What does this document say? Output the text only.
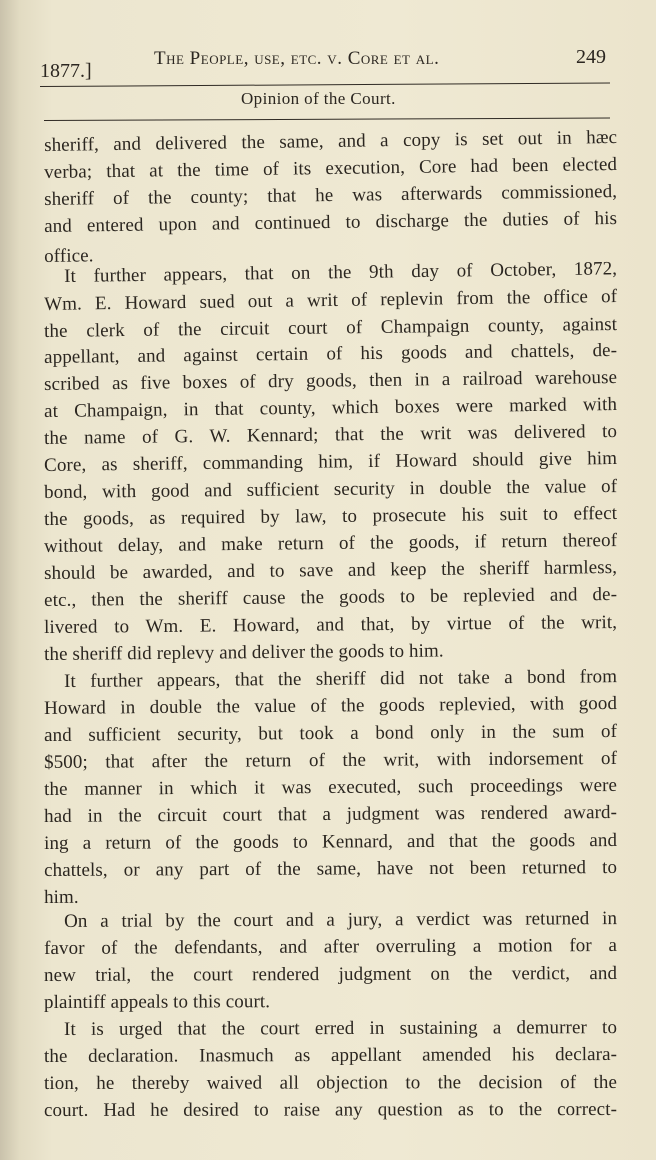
1877.]
The People, use, etc. v. Core et al.	249
Opinion of the Court.
sheriff, and delivered the same, and a copy is set out in hæc
verba; that at the time of its execution, Core had been elected
sheriff of the county; that he was afterwards commissioned,
and entered upon and continued to discharge the duties of his
office.
It further appears, that on the 9th day of October, 1872,
Wm. E. Howard sued out a writ of replevin from the office of
the clerk of the circuit court of Champaign county, against
appellant, and against certain of his goods and chattels, de-
scribed as five boxes of dry goods, then in a railroad warehouse
at Champaign, in that county, which boxes were marked with
the name of G. W. Kennard; that the writ was delivered to
Core, as sheriff, commanding him, if Howard should give him
bond, with good and sufficient security in double the value of
the goods, as required by law, to prosecute his suit to effect
without delay, and make return of the goods, if return thereof
should be awarded, and to save and keep the sheriff harmless,
etc., then the sheriff cause the goods to be replevied and de-
livered to Wm. E. Howard, and that, by virtue of the writ,
the sheriff did replevy and deliver the goods to him.
It further appears, that the sheriff did not take a bond from
Howard in double the value of the goods replevied, with good
and sufficient security, but took a bond only in the sum of
$500; that after the return of the writ, with indorsement of
the manner in which it was executed, such proceedings were
had in the circuit court that a judgment was rendered award-
ing a return of the goods to Kennard, and that the goods and
chattels, or any part of the same, have not been returned to
him.
On a trial by the court and a jury, a verdict was returned in
favor of the defendants, and after overruling a motion for a
new trial, the court rendered judgment on the verdict, and
plaintiff appeals to this court.
It is urged that the court erred in sustaining a demurrer to
the declaration. Inasmuch as appellant amended his declara-
tion, he thereby waived all objection to the decision of the
court. Had he desired to raise any question as to the correct-
